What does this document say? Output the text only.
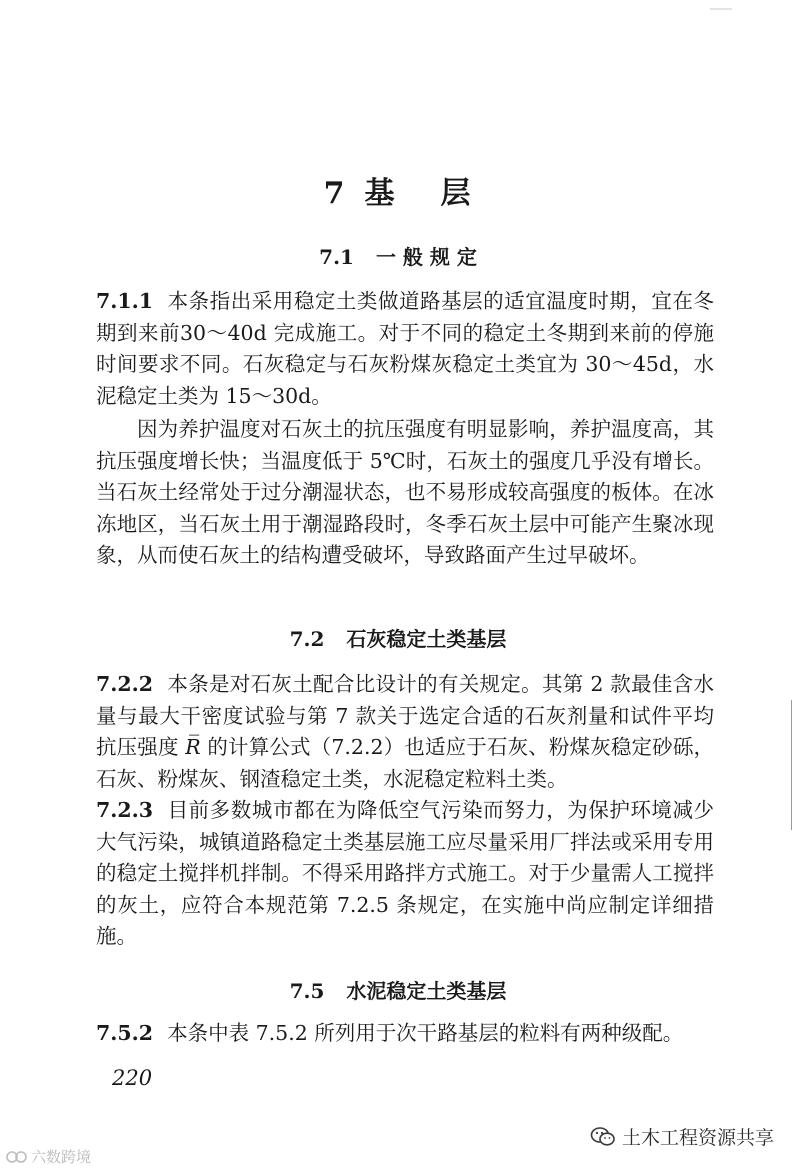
7 基 层
7.1 一 般 规 定

7.1.1 本条指出采用稳定土类做道路基层的适宜温度时期，宜在冬期到来前30～40d 完成施工。对于不同的稳定土冬期到来前的停施时间要求不同。石灰稳定与石灰粉煤灰稳定土类宜为 30～45d，水泥稳定土类为 15～30d。

因为养护温度对石灰土的抗压强度有明显影响，养护温度高，其抗压强度增长快；当温度低于 5℃时，石灰土的强度几乎没有增长。当石灰土经常处于过分潮湿状态，也不易形成较高强度的板体。在冰冻地区，当石灰土用于潮湿路段时，冬季石灰土层中可能产生聚冰现象，从而使石灰土的结构遭受破坏，导致路面产生过早破坏。

7.2 石灰稳定土类基层

7.2.2 本条是对石灰土配合比设计的有关规定。其第 2 款最佳含水量与最大干密度试验与第 7 款关于选定合适的石灰剂量和试件平均抗压强度 R̅ 的计算公式（7.2.2）也适应于石灰、粉煤灰稳定砂砾，石灰、粉煤灰、钢渣稳定土类，水泥稳定粒料土类。

7.2.3 目前多数城市都在为降低空气污染而努力，为保护环境减少大气污染，城镇道路稳定土类基层施工应尽量采用厂拌法或采用专用的稳定土搅拌机拌制。不得采用路拌方式施工。对于少量需人工搅拌的灰土，应符合本规范第 7.2.5 条规定，在实施中尚应制定详细措施。

7.5 水泥稳定土类基层

7.5.2 本条中表 7.5.2 所列用于次干路基层的粒料有两种级配。

220
六数跨境
土木工程资源共享
